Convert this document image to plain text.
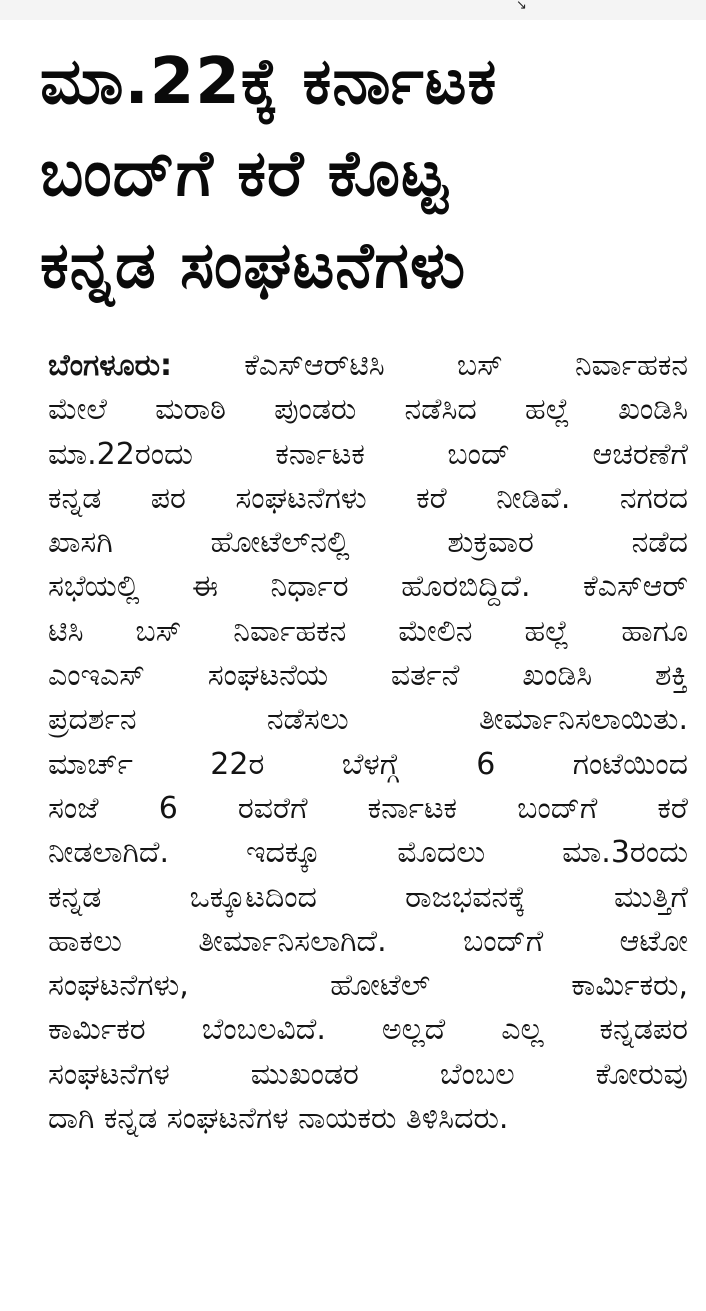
↘
ಮಾ.22ಕ್ಕೆ ಕರ್ನಾಟಕ
ಬಂದ್‌ಗೆ ಕರೆ ಕೊಟ್ಟ
ಕನ್ನಡ ಸಂಘಟನೆಗಳು
ಬೆಂಗಳೂರು: ಕೆಎಸ್‌ಆರ್‌ಟಿಸಿ ಬಸ್ ನಿರ್ವಾಹಕನ
ಮೇಲೆ ಮರಾಠಿ ಪುಂಡರು ನಡೆಸಿದ ಹಲ್ಲೆ ಖಂಡಿಸಿ
ಮಾ.22ರಂದು ಕರ್ನಾಟಕ ಬಂದ್ ಆಚರಣೆಗೆ
ಕನ್ನಡ ಪರ ಸಂಘಟನೆಗಳು ಕರೆ ನೀಡಿವೆ. ನಗರದ
ಖಾಸಗಿ ಹೋಟೆಲ್‌ನಲ್ಲಿ ಶುಕ್ರವಾರ ನಡೆದ
ಸಭೆಯಲ್ಲಿ ಈ ನಿರ್ಧಾರ ಹೊರಬಿದ್ದಿದೆ. ಕೆಎಸ್‌ಆರ್
ಟಿಸಿ ಬಸ್ ನಿರ್ವಾಹಕನ ಮೇಲಿನ ಹಲ್ಲೆ ಹಾಗೂ
ಎಂಇಎಸ್ ಸಂಘಟನೆಯ ವರ್ತನೆ ಖಂಡಿಸಿ ಶಕ್ತಿ
ಪ್ರದರ್ಶನ ನಡೆಸಲು ತೀರ್ಮಾನಿಸಲಾಯಿತು.
ಮಾರ್ಚ್ 22ರ ಬೆಳಗ್ಗೆ 6 ಗಂಟೆಯಿಂದ
ಸಂಜೆ 6 ರವರೆಗೆ ಕರ್ನಾಟಕ ಬಂದ್‌ಗೆ ಕರೆ
ನೀಡಲಾಗಿದೆ. ಇದಕ್ಕೂ ಮೊದಲು ಮಾ.3ರಂದು
ಕನ್ನಡ ಒಕ್ಕೂಟದಿಂದ ರಾಜಭವನಕ್ಕೆ ಮುತ್ತಿಗೆ
ಹಾಕಲು ತೀರ್ಮಾನಿಸಲಾಗಿದೆ. ಬಂದ್‌ಗೆ ಆಟೋ
ಸಂಘಟನೆಗಳು, ಹೋಟೆಲ್ ಕಾರ್ಮಿಕರು,
ಕಾರ್ಮಿಕರ ಬೆಂಬಲವಿದೆ. ಅಲ್ಲದೆ ಎಲ್ಲ ಕನ್ನಡಪರ
ಸಂಘಟನೆಗಳ ಮುಖಂಡರ ಬೆಂಬಲ ಕೋರುವು
ದಾಗಿ ಕನ್ನಡ ಸಂಘಟನೆಗಳ ನಾಯಕರು ತಿಳಿಸಿದರು.
